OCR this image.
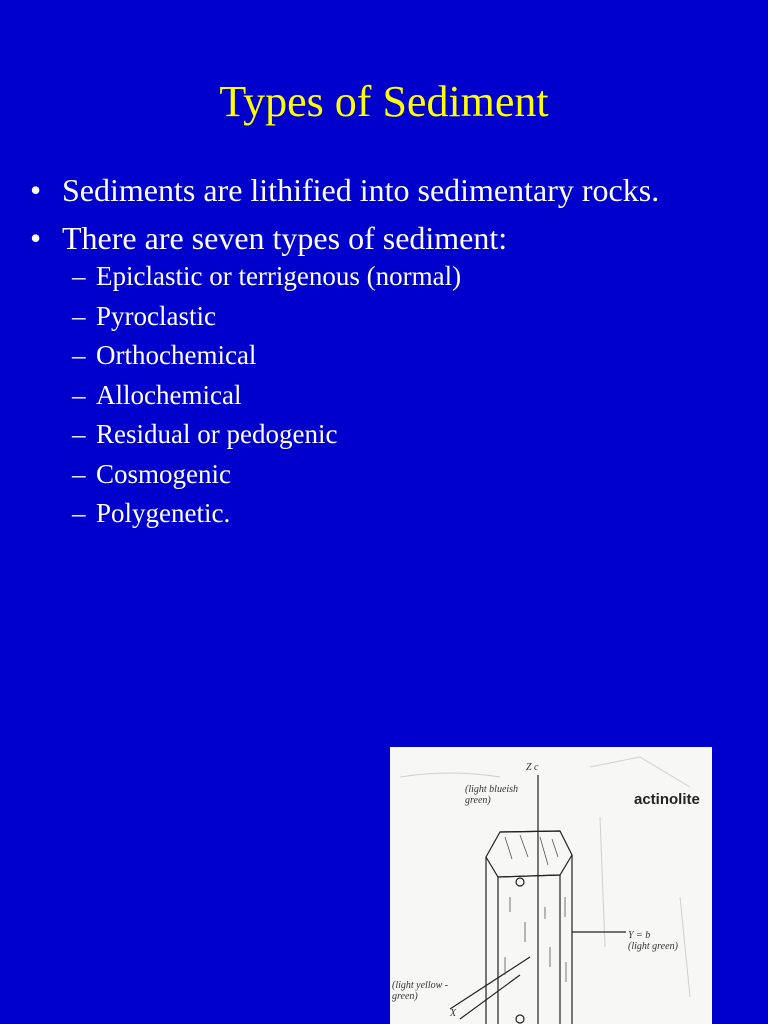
Types of Sediment
• Sediments are lithified into sedimentary rocks.
• There are seven types of sediment:
– Epiclastic or terrigenous (normal)
– Pyroclastic
– Orthochemical
– Allochemical
– Residual or pedogenic
– Cosmogenic
– Polygenetic.
actinolite
Z c
(light blueish
green)
Y = b
(light green)
(light yellow -
green)
X
